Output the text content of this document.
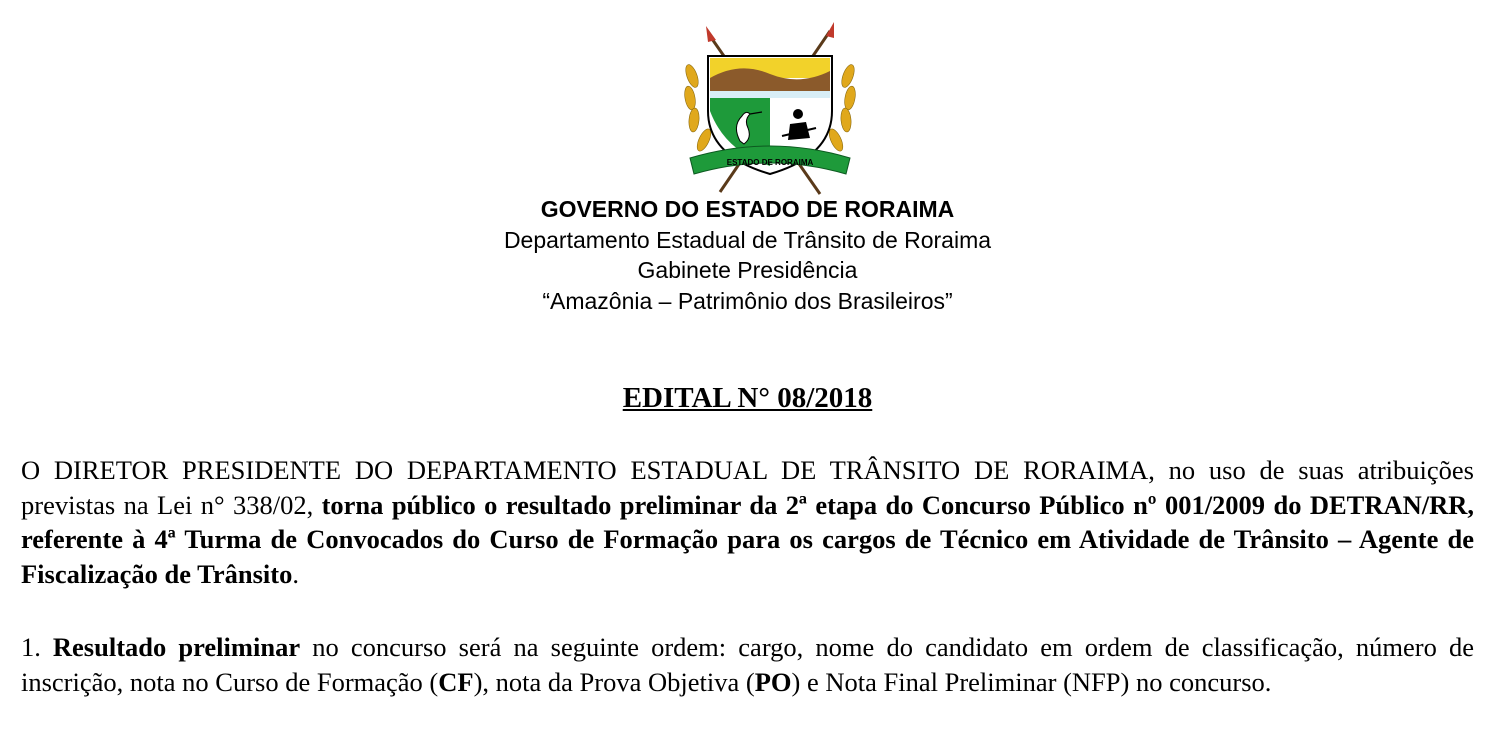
ESTADO DE RORAIMA
GOVERNO DO ESTADO DE RORAIMA
Departamento Estadual de Trânsito de Roraima
Gabinete Presidência
“Amazônia – Patrimônio dos Brasileiros”
EDITAL N° 08/2018
O DIRETOR PRESIDENTE DO DEPARTAMENTO ESTADUAL DE TRÂNSITO DE RORAIMA, no uso de suas atribuições previstas na Lei n° 338/02, torna público o resultado preliminar da 2ª etapa do Concurso Público nº 001/2009 do DETRAN/RR, referente à 4ª Turma de Convocados do Curso de Formação para os cargos de Técnico em Atividade de Trânsito – Agente de Fiscalização de Trânsito.
1. Resultado preliminar no concurso será na seguinte ordem: cargo, nome do candidato em ordem de classificação, número de inscrição, nota no Curso de Formação (CF), nota da Prova Objetiva (PO) e Nota Final Preliminar (NFP) no concurso.
